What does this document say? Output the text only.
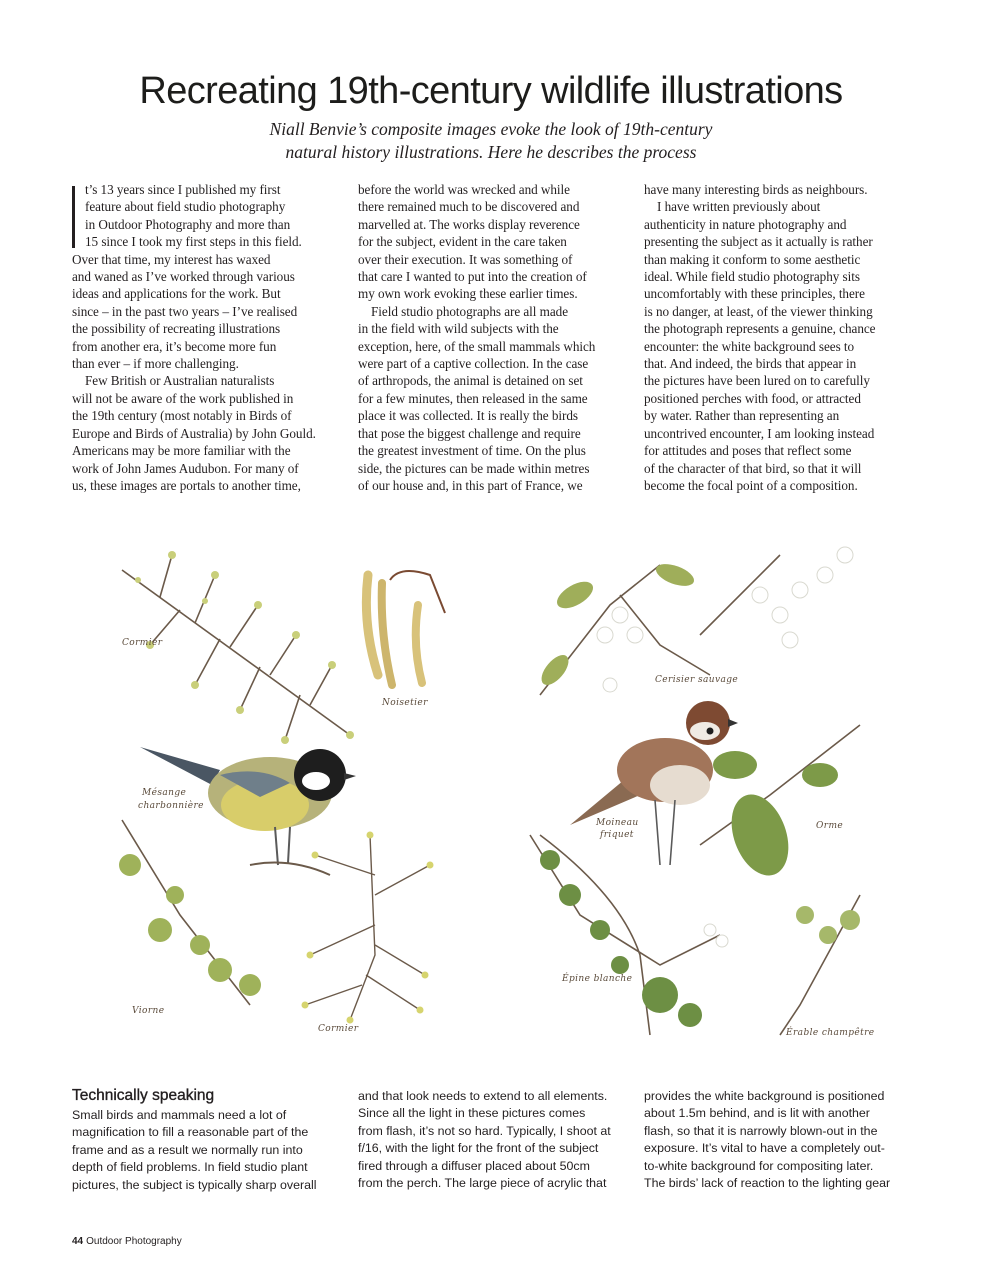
Recreating 19th-century wildlife illustrations

Niall Benvie’s composite images evoke the look of 19th-century
natural history illustrations. Here he describes the process

t’s 13 years since I published my first
feature about field studio photography
in Outdoor Photography and more than
15 since I took my first steps in this field.
Over that time, my interest has waxed
and waned as I’ve worked through various
ideas and applications for the work. But
since – in the past two years – I’ve realised
the possibility of recreating illustrations
from another era, it’s become more fun
than ever – if more challenging.
Few British or Australian naturalists
will not be aware of the work published in
the 19th century (most notably in Birds of
Europe and Birds of Australia) by John Gould.
Americans may be more familiar with the
work of John James Audubon. For many of
us, these images are portals to another time,
before the world was wrecked and while
there remained much to be discovered and
marvelled at. The works display reverence
for the subject, evident in the care taken
over their execution. It was something of
that care I wanted to put into the creation of
my own work evoking these earlier times.
Field studio photographs are all made
in the field with wild subjects with the
exception, here, of the small mammals which
were part of a captive collection. In the case
of arthropods, the animal is detained on set
for a few minutes, then released in the same
place it was collected. It is really the birds
that pose the biggest challenge and require
the greatest investment of time. On the plus
side, the pictures can be made within metres
of our house and, in this part of France, we
have many interesting birds as neighbours.
I have written previously about
authenticity in nature photography and
presenting the subject as it actually is rather
than making it conform to some aesthetic
ideal. While field studio photography sits
uncomfortably with these principles, there
is no danger, at least, of the viewer thinking
the photograph represents a genuine, chance
encounter: the white background sees to
that. And indeed, the birds that appear in
the pictures have been lured on to carefully
positioned perches with food, or attracted
by water. Rather than representing an
uncontrived encounter, I am looking instead
for attitudes and poses that reflect some
of the character of that bird, so that it will
become the focal point of a composition.
Cormier
Noisetier
Mésange
charbonnière
Viorne
Cormier
Cerisier sauvage
Moineau
friquet
Orme
Épine blanche
Érable champêtre
Technically speaking
Small birds and mammals need a lot of
magnification to fill a reasonable part of the
frame and as a result we normally run into
depth of field problems. In field studio plant
pictures, the subject is typically sharp overall
and that look needs to extend to all elements.
Since all the light in these pictures comes
from flash, it’s not so hard. Typically, I shoot at
f/16, with the light for the front of the subject
fired through a diffuser placed about 50cm
from the perch. The large piece of acrylic that
provides the white background is positioned
about 1.5m behind, and is lit with another
flash, so that it is narrowly blown-out in the
exposure. It’s vital to have a completely out-
to-white background for compositing later.
The birds’ lack of reaction to the lighting gear
44 Outdoor Photography
